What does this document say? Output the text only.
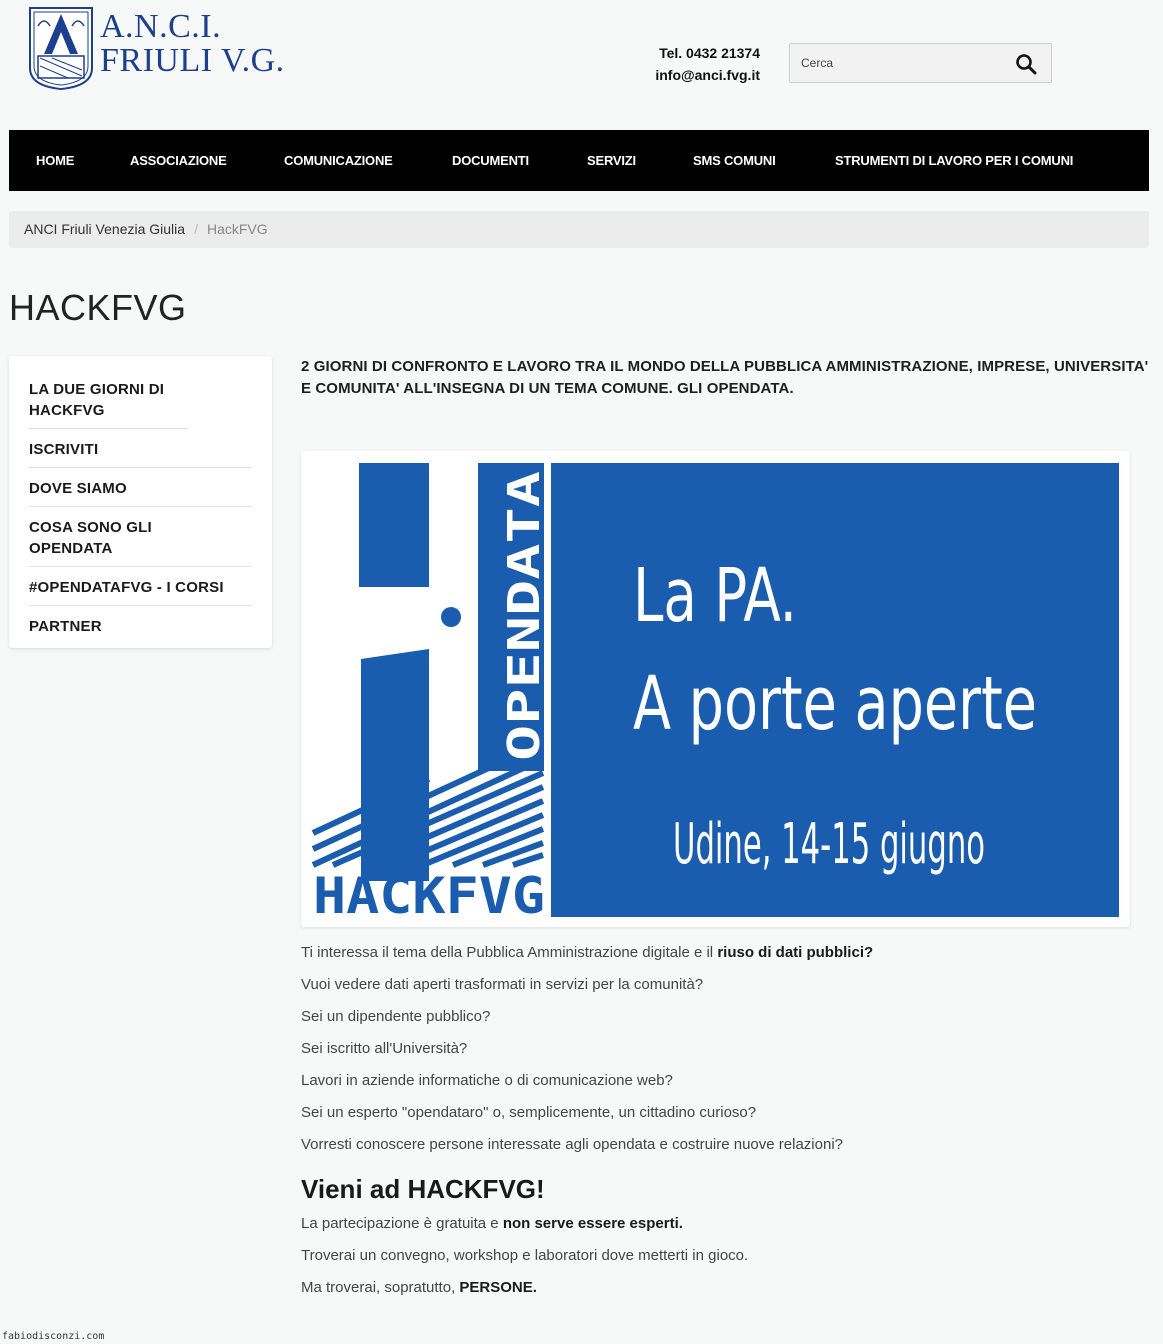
A.N.C.I.
FRIULI V.G.	Tel. 0432 21374
info@anci.fvg.it
Cerca
HOME	ASSOCIAZIONE	COMUNICAZIONE	DOCUMENTI	SERVIZI	SMS COMUNI	STRUMENTI DI LAVORO PER I COMUNI
ANCI Friuli Venezia Giulia / HackFVG
HACKFVG
LA DUE GIORNI DI HACKFVG
ISCRIVITI
DOVE SIAMO
COSA SONO GLI OPENDATA
#OPENDATAFVG - I CORSI
PARTNER
2 GIORNI DI CONFRONTO E LAVORO TRA IL MONDO DELLA PUBBLICA AMMINISTRAZIONE, IMPRESE, UNIVERSITA' E COMUNITA' ALL'INSEGNA DI UN TEMA COMUNE. GLI OPENDATA.
OPENDATA
HACKFVG
La PA.
A porte aperte
Udine, 14-15 giugno

Ti interessa il tema della Pubblica Amministrazione digitale e il riuso di dati pubblici?

Vuoi vedere dati aperti trasformati in servizi per la comunità?

Sei un dipendente pubblico?

Sei iscritto all'Università?

Lavori in aziende informatiche o di comunicazione web?

Sei un esperto "opendataro" o, semplicemente, un cittadino curioso?

Vorresti conoscere persone interessate agli opendata e costruire nuove relazioni?

Vieni ad HACKFVG!

La partecipazione è gratuita e non serve essere esperti.

Troverai un convegno, workshop e laboratori dove metterti in gioco.

Ma troverai, sopratutto, PERSONE.

fabiodisconzi.com
